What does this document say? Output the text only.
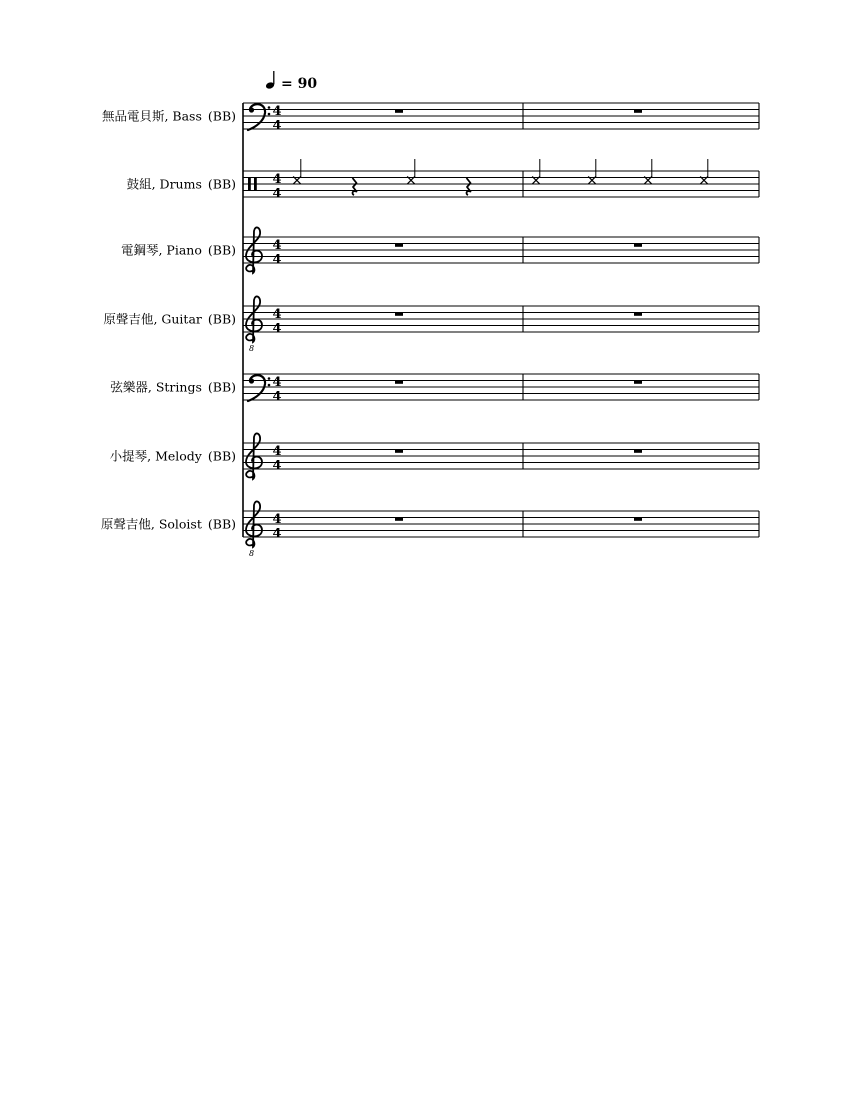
= 90
無品電貝斯, Bass (BB)	4
4
鼓組, Drums (BB)	4
4
電鋼琴, Piano (BB)	4
4
原聲吉他, Guitar (BB)
8
4
4
弦樂器, Strings (BB)	4
4
小提琴, Melody (BB)	4
4
原聲吉他, Soloist (BB)
8
4
4
